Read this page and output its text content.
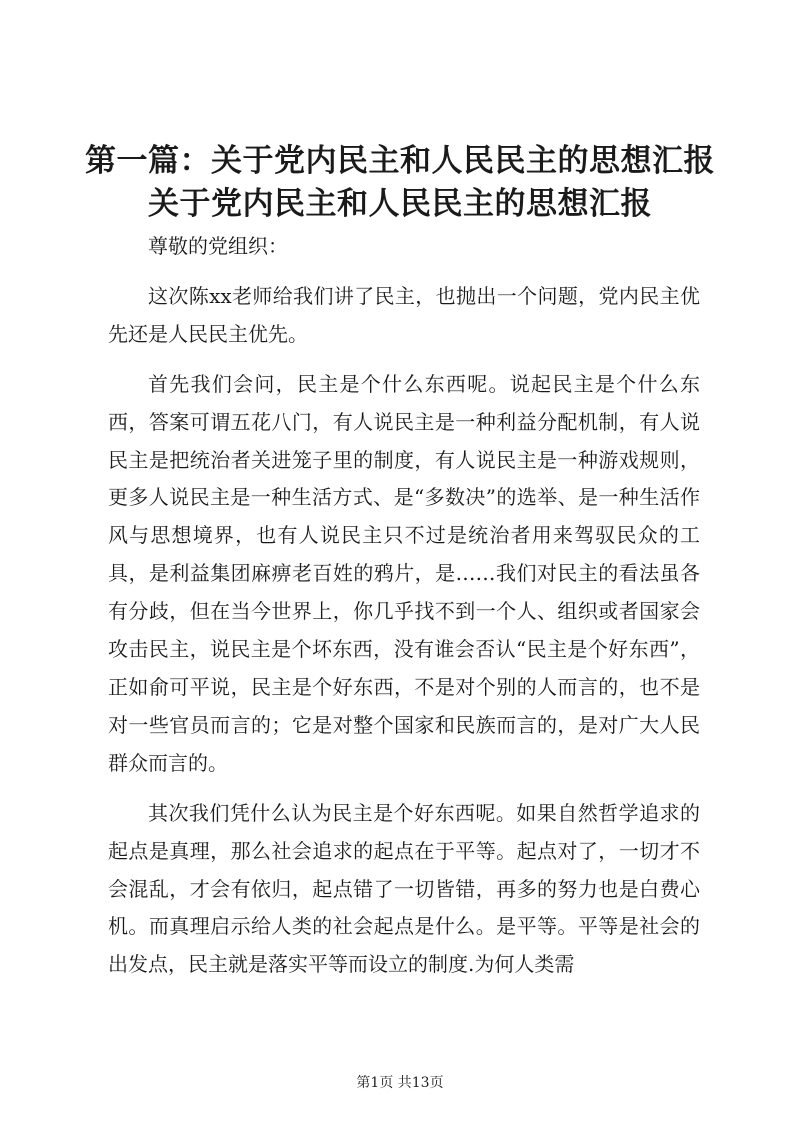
第一篇：关于党内民主和人民民主的思想汇报
关于党内民主和人民民主的思想汇报

尊敬的党组织：

这次陈xx老师给我们讲了民主，也抛出一个问题，党内民主优先还是人民民主优先。

首先我们会问，民主是个什么东西呢。说起民主是个什么东西，答案可谓五花八门，有人说民主是一种利益分配机制，有人说民主是把统治者关进笼子里的制度，有人说民主是一种游戏规则，更多人说民主是一种生活方式、是“多数决”的选举、是一种生活作风与思想境界，也有人说民主只不过是统治者用来驾驭民众的工具，是利益集团麻痹老百姓的鸦片，是……我们对民主的看法虽各有分歧，但在当今世界上，你几乎找不到一个人、组织或者国家会攻击民主，说民主是个坏东西，没有谁会否认“民主是个好东西”，正如俞可平说，民主是个好东西，不是对个别的人而言的，也不是对一些官员而言的；它是对整个国家和民族而言的，是对广大人民群众而言的。

其次我们凭什么认为民主是个好东西呢。如果自然哲学追求的起点是真理，那么社会追求的起点在于平等。起点对了，一切才不会混乱，才会有依归，起点错了一切皆错，再多的努力也是白费心机。而真理启示给人类的社会起点是什么。是平等。平等是社会的出发点，民主就是落实平等而设立的制度.为何人类需

第1页 共13页
